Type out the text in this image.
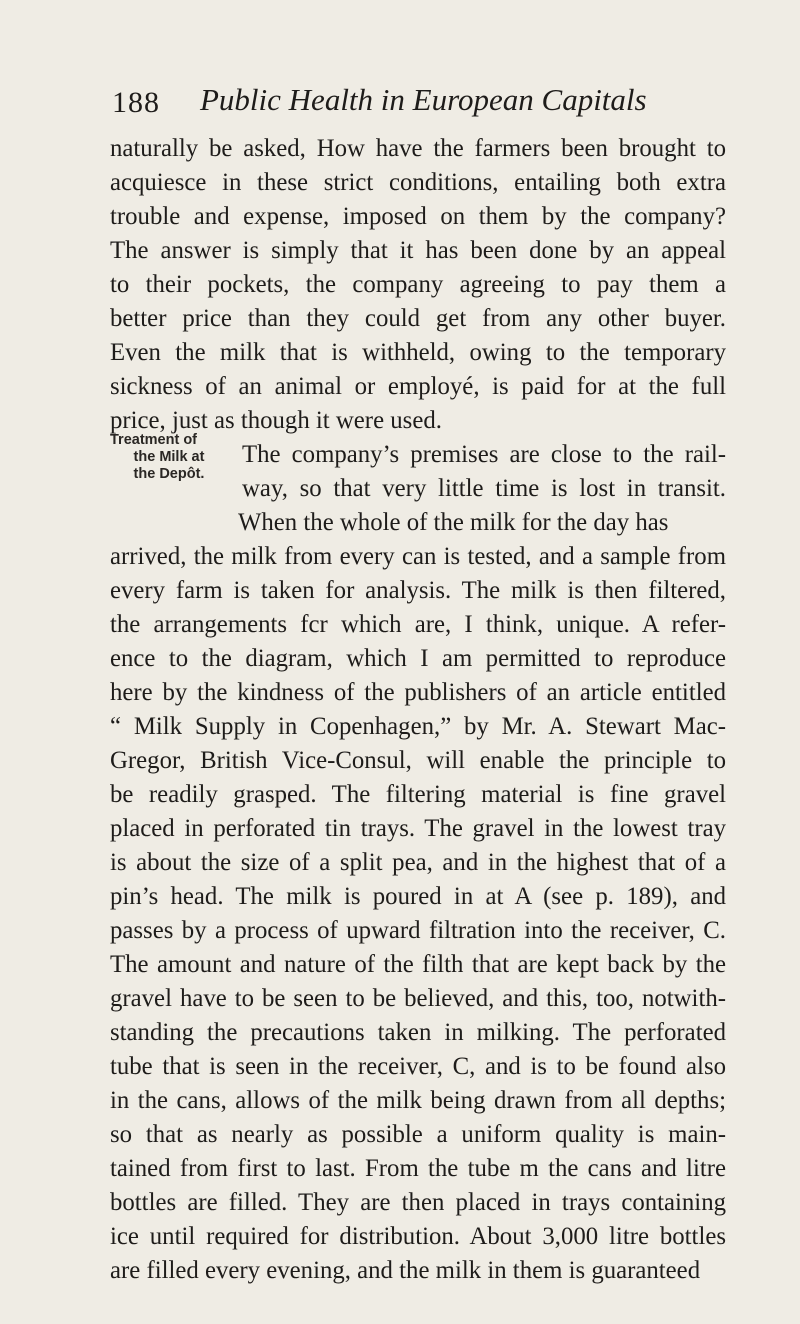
188 Public Health in European Capitals
Treatment of
the Milk at
the Depôt.
naturally be asked, How have the farmers been brought to
acquiesce in these strict conditions, entailing both extra
trouble and expense, imposed on them by the company?
The answer is simply that it has been done by an appeal
to their pockets, the company agreeing to pay them a
better price than they could get from any other buyer.
Even the milk that is withheld, owing to the temporary
sickness of an animal or employé, is paid for at the full
price, just as though it were used.
The company’s premises are close to the rail-
way, so that very little time is lost in transit.
When the whole of the milk for the day has
arrived, the milk from every can is tested, and a sample from
every farm is taken for analysis. The milk is then filtered,
the arrangements fcr which are, I think, unique. A refer-
ence to the diagram, which I am permitted to reproduce
here by the kindness of the publishers of an article entitled
“ Milk Supply in Copenhagen,” by Mr. A. Stewart Mac-
Gregor, British Vice-Consul, will enable the principle to
be readily grasped. The filtering material is fine gravel
placed in perforated tin trays. The gravel in the lowest tray
is about the size of a split pea, and in the highest that of a
pin’s head. The milk is poured in at A (see p. 189), and
passes by a process of upward filtration into the receiver, C.
The amount and nature of the filth that are kept back by the
gravel have to be seen to be believed, and this, too, notwith-
standing the precautions taken in milking. The perforated
tube that is seen in the receiver, C, and is to be found also
in the cans, allows of the milk being drawn from all depths;
so that as nearly as possible a uniform quality is main-
tained from first to last. From the tube m the cans and litre
bottles are filled. They are then placed in trays containing
ice until required for distribution. About 3,000 litre bottles
are filled every evening, and the milk in them is guaranteed
